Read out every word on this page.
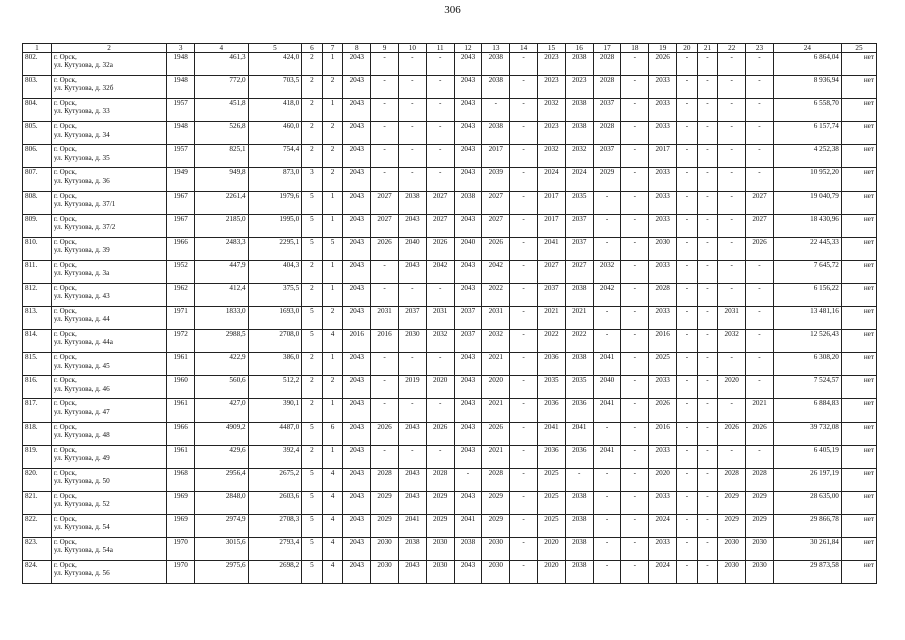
306
1	2	3	4	5	6	7	8	9	10	11	12	13	14	15	16	17	18	19	20	21	22	23	24	25
802.	г. Орск,
ул. Кутузова, д. 32а	1948	461,3	424,0	2	1	2043	-	-	-	2043	2038	-	2023	2038	2028	-	2026	-	-	-	-	6 864,04	нет
803.	г. Орск,
ул. Кутузова, д. 32б	1948	772,0	703,5	2	2	2043	-	-	-	2043	2038	-	2023	2023	2028	-	2033	-	-	-	-	8 936,94	нет
804.	г. Орск,
ул. Кутузова, д. 33	1957	451,8	418,0	2	1	2043	-	-	-	2043	-	-	2032	2038	2037	-	2033	-	-	-	-	6 558,70	нет
805.	г. Орск,
ул. Кутузова, д. 34	1948	526,8	460,0	2	2	2043	-	-	-	2043	2038	-	2023	2038	2028	-	2033	-	-	-	-	6 157,74	нет
806.	г. Орск,
ул. Кутузова, д. 35	1957	825,1	754,4	2	2	2043	-	-	-	2043	2017	-	2032	2032	2037	-	2017	-	-	-	-	4 252,38	нет
807.	г. Орск,
ул. Кутузова, д. 36	1949	949,8	873,0	3	2	2043	-	-	-	2043	2039	-	2024	2024	2029	-	2033	-	-	-	-	10 952,20	нет
808.	г. Орск,
ул. Кутузова, д. 37/1	1967	2261,4	1979,6	5	1	2043	2027	2038	2027	2038	2027	-	2017	2035	-	-	2033	-	-	-	2027	19 040,79	нет
809.	г. Орск,
ул. Кутузова, д. 37/2	1967	2185,0	1995,0	5	1	2043	2027	2043	2027	2043	2027	-	2017	2037	-	-	2033	-	-	-	2027	18 430,96	нет
810.	г. Орск,
ул. Кутузова, д. 39	1966	2483,3	2295,1	5	5	2043	2026	2040	2026	2040	2026	-	2041	2037	-	-	2030	-	-	-	2026	22 445,33	нет
811.	г. Орск,
ул. Кутузова, д. 3а	1952	447,9	404,3	2	1	2043	-	2043	2042	2043	2042	-	2027	2027	2032	-	2033	-	-	-	-	7 645,72	нет
812.	г. Орск,
ул. Кутузова, д. 43	1962	412,4	375,5	2	1	2043	-	-	-	2043	2022	-	2037	2038	2042	-	2028	-	-	-	-	6 156,22	нет
813.	г. Орск,
ул. Кутузова, д. 44	1971	1833,0	1693,0	5	2	2043	2031	2037	2031	2037	2031	-	2021	2021	-	-	2033	-	-	2031	-	13 481,16	нет
814.	г. Орск,
ул. Кутузова, д. 44а	1972	2988,5	2708,0	5	4	2016	2016	2030	2032	2037	2032	-	2022	2022	-	-	2016	-	-	2032	-	12 526,43	нет
815.	г. Орск,
ул. Кутузова, д. 45	1961	422,9	386,0	2	1	2043	-	-	-	2043	2021	-	2036	2038	2041	-	2025	-	-	-	-	6 308,20	нет
816.	г. Орск,
ул. Кутузова, д. 46	1960	560,6	512,2	2	2	2043	-	2019	2020	2043	2020	-	2035	2035	2040	-	2033	-	-	2020	-	7 524,57	нет
817.	г. Орск,
ул. Кутузова, д. 47	1961	427,0	390,1	2	1	2043	-	-	-	2043	2021	-	2036	2036	2041	-	2026	-	-	-	2021	6 884,83	нет
818.	г. Орск,
ул. Кутузова, д. 48	1966	4909,2	4487,0	5	6	2043	2026	2043	2026	2043	2026	-	2041	2041	-	-	2016	-	-	2026	2026	39 732,08	нет
819.	г. Орск,
ул. Кутузова, д. 49	1961	429,6	392,4	2	1	2043	-	-	-	2043	2021	-	2036	2036	2041	-	2033	-	-	-	-	6 405,19	нет
820.	г. Орск,
ул. Кутузова, д. 50	1968	2956,4	2675,2	5	4	2043	2028	2043	2028	-	2028	-	2025	-	-	-	2020	-	-	2028	2028	26 197,19	нет
821.	г. Орск,
ул. Кутузова, д. 52	1969	2848,0	2603,6	5	4	2043	2029	2043	2029	2043	2029	-	2025	2038	-	-	2033	-	-	2029	2029	28 635,00	нет
822.	г. Орск,
ул. Кутузова, д. 54	1969	2974,9	2708,3	5	4	2043	2029	2041	2029	2041	2029	-	2025	2038	-	-	2024	-	-	2029	2029	29 866,78	нет
823.	г. Орск,
ул. Кутузова, д. 54а	1970	3015,6	2793,4	5	4	2043	2030	2038	2030	2038	2030	-	2020	2038	-	-	2033	-	-	2030	2030	30 261,84	нет
824.	г. Орск,
ул. Кутузова, д. 56	1970	2975,6	2698,2	5	4	2043	2030	2043	2030	2043	2030	-	2020	2038	-	-	2024	-	-	2030	2030	29 873,58	нет
